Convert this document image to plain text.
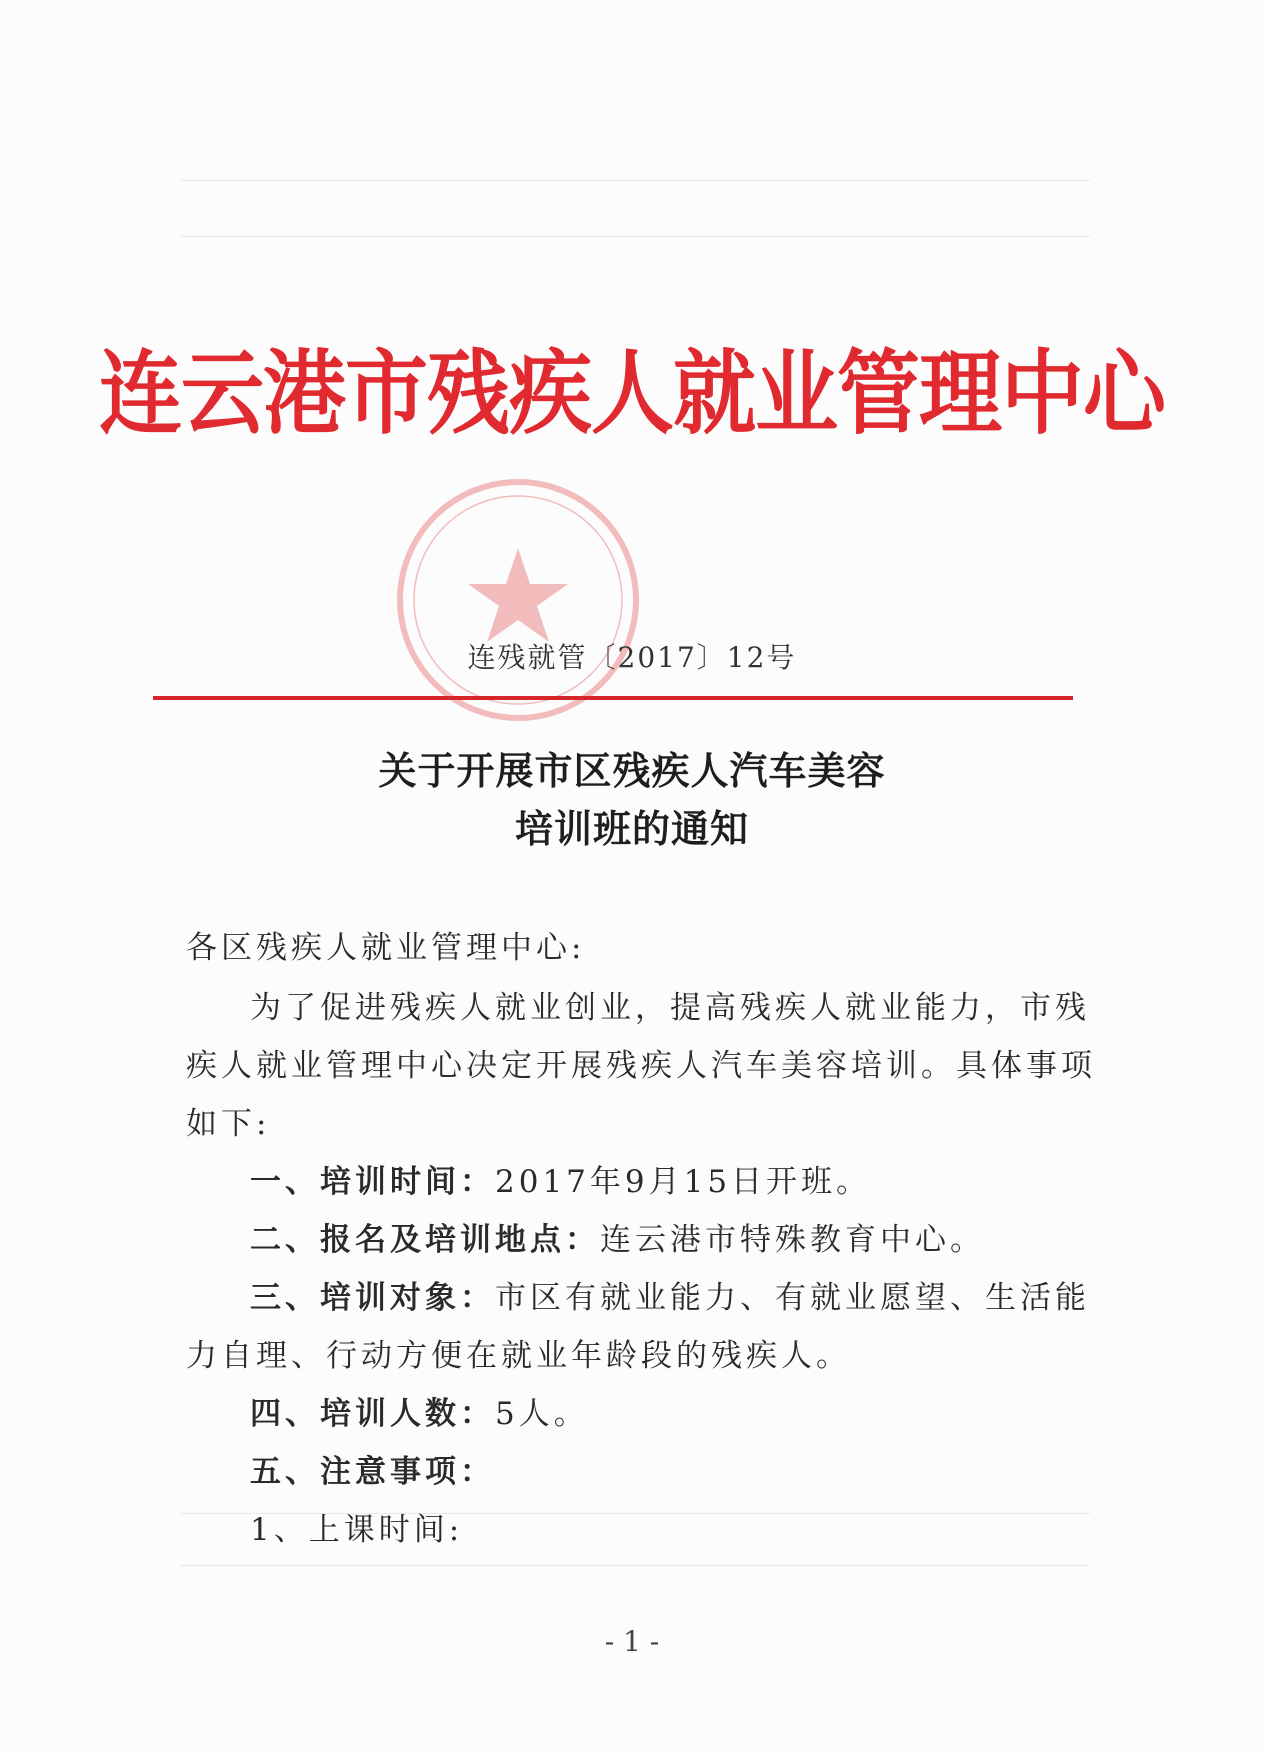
连云港市残疾人就业管理中心
连残就管〔2017〕12号
关于开展市区残疾人汽车美容
培训班的通知
各区残疾人就业管理中心:
为了促进残疾人就业创业，提高残疾人就业能力，市残
疾人就业管理中心决定开展残疾人汽车美容培训。具体事项
如下:
一、培训时间：2017年9月15日开班。
二、报名及培训地点：连云港市特殊教育中心。
三、培训对象：市区有就业能力、有就业愿望、生活能
力自理、行动方便在就业年龄段的残疾人。
四、培训人数：5人。
五、注意事项：
1、上课时间:
- 1 -
